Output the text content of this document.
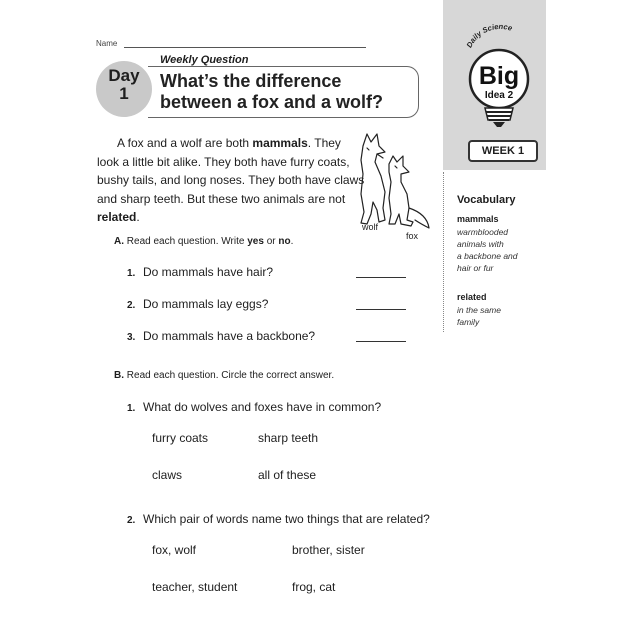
Name
Day
1
Weekly Question
What’s the difference
between a fox and a wolf?
Daily Science
Big
Idea 2
WEEK 1
Vocabulary
mammals
warmblooded
animals with
a backbone and
hair or fur
related
in the same
family

A fox and a wolf are both mammals. They look a little bit alike. They both have furry coats, bushy tails, and long noses. They both have claws and sharp teeth. But these two animals are not related.

wolf
fox
A. Read each question. Write yes or no.
1. Do mammals have hair?
2. Do mammals lay eggs?
3. Do mammals have a backbone?
B. Read each question. Circle the correct answer.
1. What do wolves and foxes have in common?
furry coats	sharp teeth
claws	all of these
2. Which pair of words name two things that are related?
fox, wolf	brother, sister
teacher, student	frog, cat
